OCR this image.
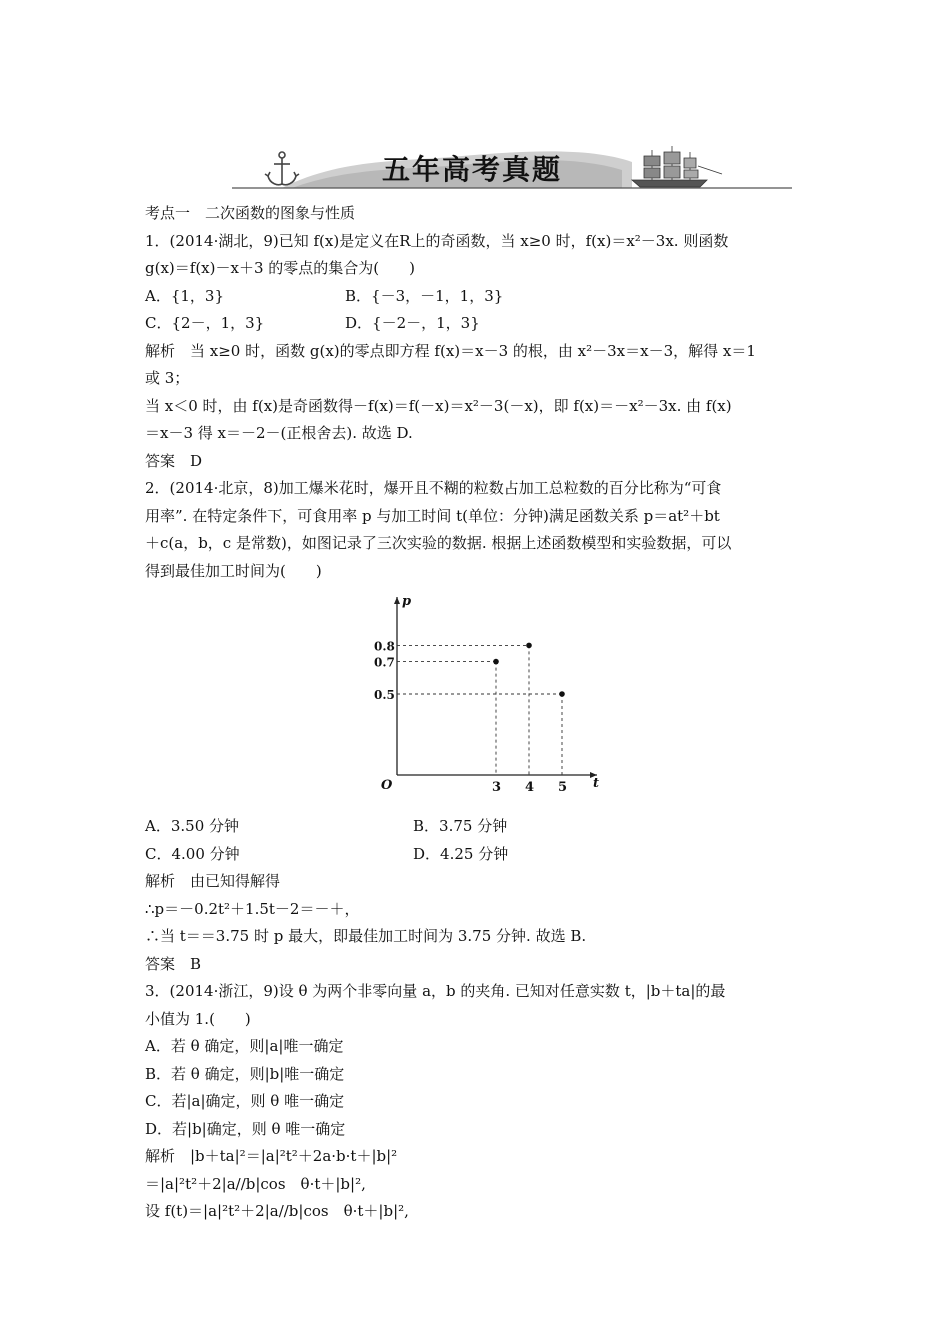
五年高考真题
考点一　二次函数的图象与性质
1．(2014·湖北，9)已知 f(x)是定义在R上的奇函数，当 x≥0 时，f(x)＝x²－3x. 则函数
g(x)＝f(x)－x＋3 的零点的集合为(　　)
A．{1，3}	B．{－3，－1，1，3}
C．{2－，1，3}	D．{－2－，1，3}
解析　当 x≥0 时，函数 g(x)的零点即方程 f(x)＝x－3 的根，由 x²－3x＝x－3，解得 x＝1
或 3；
当 x＜0 时，由 f(x)是奇函数得－f(x)＝f(－x)＝x²－3(－x)，即 f(x)＝－x²－3x. 由 f(x)
＝x－3 得 x＝－2－(正根舍去). 故选 D.
答案　D
2．(2014·北京，8)加工爆米花时，爆开且不糊的粒数占加工总粒数的百分比称为“可食
用率”. 在特定条件下，可食用率 p 与加工时间 t(单位：分钟)满足函数关系 p＝at²＋bt
＋c(a，b，c 是常数)，如图记录了三次实验的数据. 根据上述函数模型和实验数据，可以
得到最佳加工时间为(　　)
t
p
O	3 4 5
0.8
0.7
0.5
A．3.50 分钟	B．3.75 分钟
C．4.00 分钟	D．4.25 分钟
解析　由已知得解得
∴p＝－0.2t²＋1.5t－2＝－＋，
∴当 t＝＝3.75 时 p 最大，即最佳加工时间为 3.75 分钟. 故选 B.
答案　B
3．(2014·浙江，9)设 θ 为两个非零向量 a，b 的夹角. 已知对任意实数 t，|b＋ta|的最
小值为 1.(　　)
A．若 θ 确定，则|a|唯一确定
B．若 θ 确定，则|b|唯一确定
C．若|a|确定，则 θ 唯一确定
D．若|b|确定，则 θ 唯一确定
解析　|b＋ta|²＝|a|²t²＋2a·b·t＋|b|²
＝|a|²t²＋2|a//b|cos　θ·t＋|b|²,
设 f(t)＝|a|²t²＋2|a//b|cos　θ·t＋|b|²,
